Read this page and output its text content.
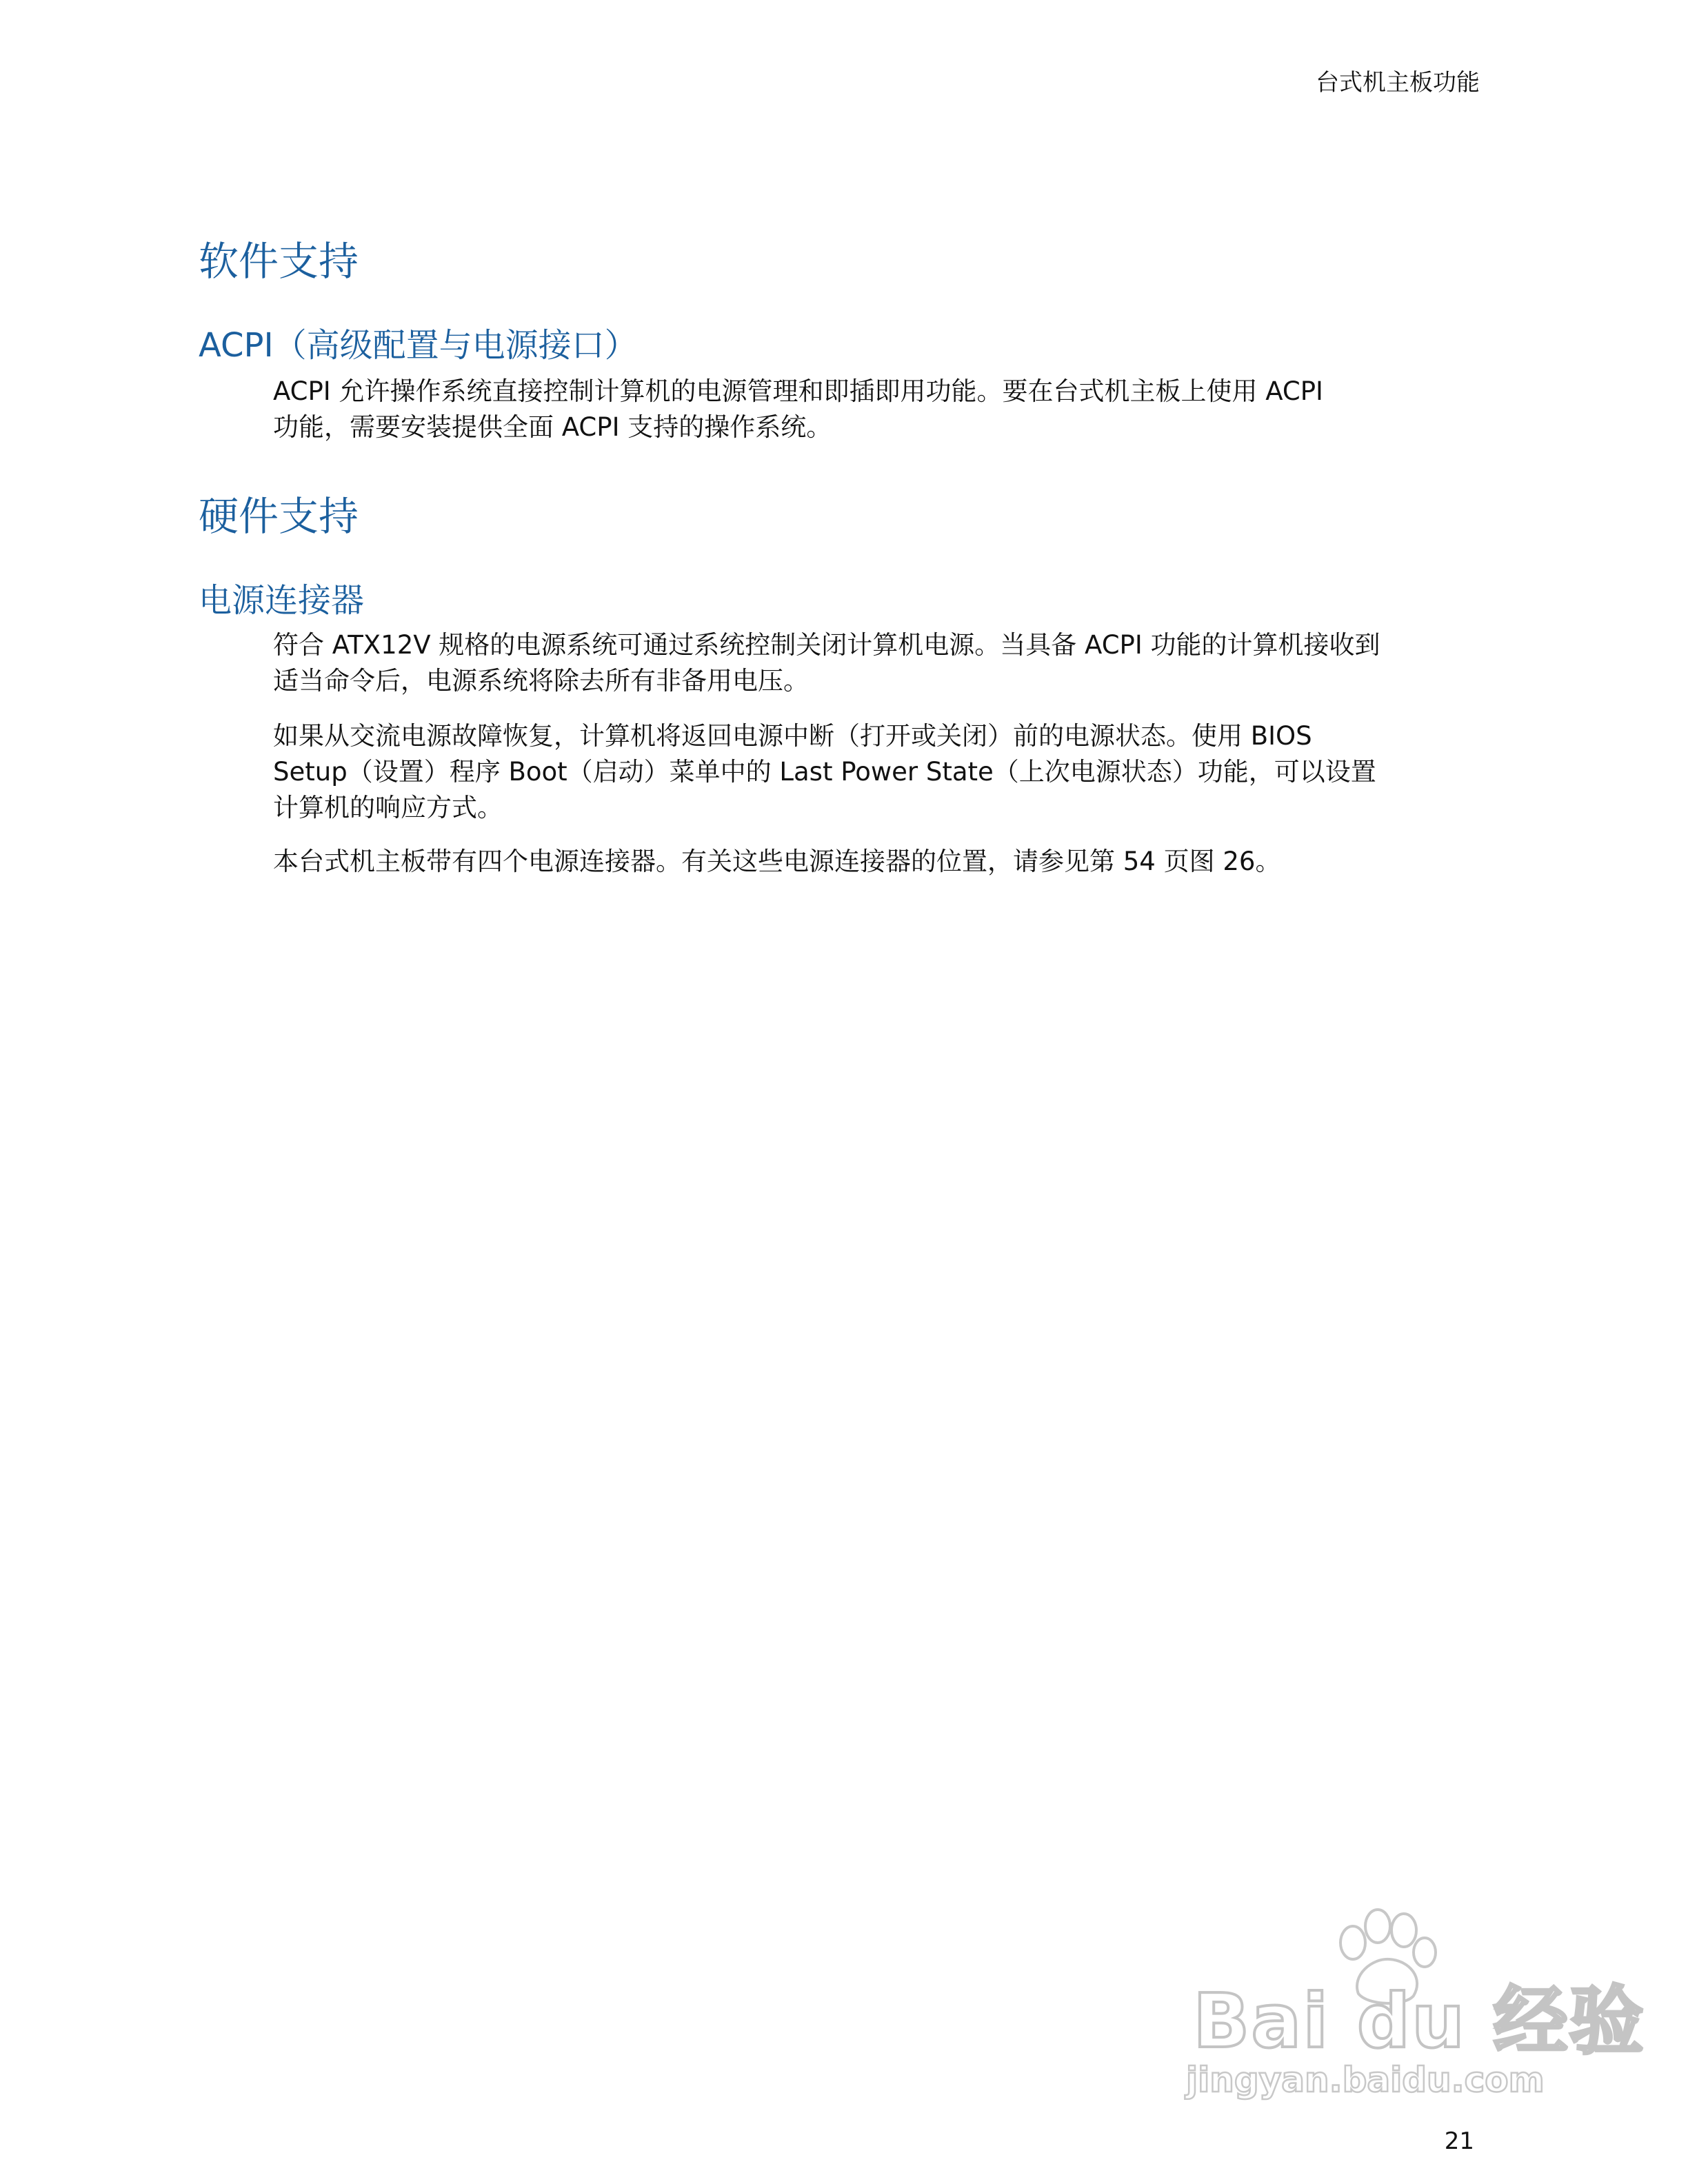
台式机主板功能
软件支持
ACPI（高级配置与电源接口）
ACPI 允许操作系统直接控制计算机的电源管理和即插即用功能。要在台式机主板上使用 ACPI
功能，需要安装提供全面 ACPI 支持的操作系统。
硬件支持
电源连接器
符合 ATX12V 规格的电源系统可通过系统控制关闭计算机电源。当具备 ACPI 功能的计算机接收到
适当命令后，电源系统将除去所有非备用电压。
如果从交流电源故障恢复，计算机将返回电源中断（打开或关闭）前的电源状态。使用 BIOS
Setup（设置）程序 Boot（启动）菜单中的 Last Power State（上次电源状态）功能，可以设置
计算机的响应方式。
本台式机主板带有四个电源连接器。有关这些电源连接器的位置，请参见第 54 页图 26。
Bai du 经验
jingyan.baidu.com
21
